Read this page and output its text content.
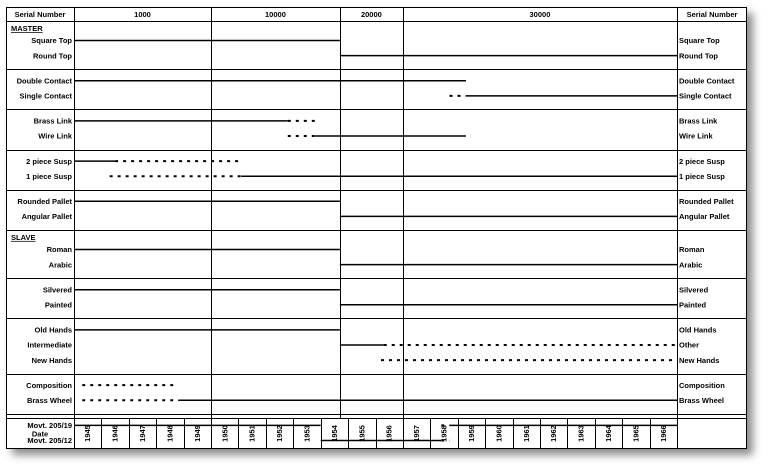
Serial Number	Serial Number
1000	10000	20000	30000
MASTER
Square Top	Square Top
Round Top	Round Top
Double Contact	Double Contact
Single Contact	Single Contact
Brass Link	Brass Link
Wire Link	Wire Link
2 piece Susp	2 piece Susp
1 piece Susp	1 piece Susp
Rounded Pallet	Rounded Pallet
Angular Pallet	Angular Pallet
SLAVE
Roman	Roman
Arabic	Arabic
Silvered	Silvered
Painted	Painted
Old Hands	Old Hands
Intermediate	Other
New Hands	New Hands
Composition	Composition
Brass Wheel	Brass Wheel
Movt. 205/19
Movt. 205/12
Date	1945 1946 1947 1948 1949 1950 1951 1952 1953 1954 1955 1956 1957 1958 1959 1960 1961 1962 1963 1964 1965 1966
